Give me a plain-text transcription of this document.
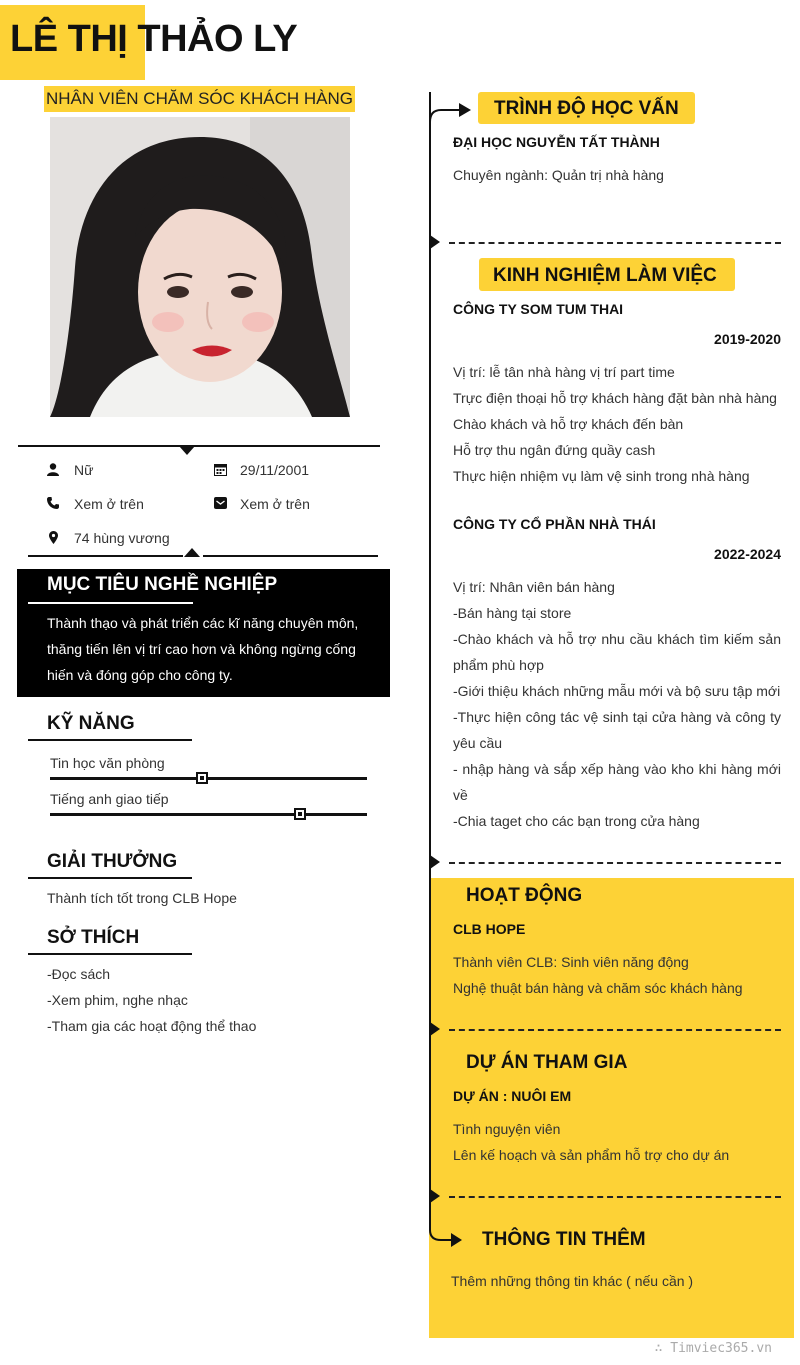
LÊ THỊ THẢO LY
NHÂN VIÊN CHĂM SÓC KHÁCH HÀNG
Nữ	29/11/2001
Xem ở trên	Xem ở trên
74 hùng vương
MỤC TIÊU NGHỀ NGHIỆP
Thành thạo và phát triển các kĩ năng chuyên môn, thăng tiến lên vị trí cao hơn và không ngừng cống hiến và đóng góp cho công ty.
KỸ NĂNG
Tin học văn phòng
Tiếng anh giao tiếp
GIẢI THƯỞNG
Thành tích tốt trong CLB Hope
SỞ THÍCH
-Đọc sách
-Xem phim, nghe nhạc
-Tham gia các hoạt động thể thao
TRÌNH ĐỘ HỌC VẤN
ĐẠI HỌC NGUYỄN TẤT THÀNH
Chuyên ngành: Quản trị nhà hàng
KINH NGHIỆM LÀM VIỆC
CÔNG TY SOM TUM THAI
2019-2020
Vị trí: lễ tân nhà hàng vị trí part time
Trực điện thoại hỗ trợ khách hàng đặt bàn nhà hàng
Chào khách và hỗ trợ khách đến bàn
Hỗ trợ thu ngân đứng quầy cash
Thực hiện nhiệm vụ làm vệ sinh trong nhà hàng
CÔNG TY CỔ PHẦN NHÀ THÁI
2022-2024
Vị trí: Nhân viên bán hàng
-Bán hàng tại store
-Chào khách và hỗ trợ nhu cầu khách tìm kiếm sản phẩm phù hợp
-Giới thiệu khách những mẫu mới và bộ sưu tập mới
-Thực hiện công tác vệ sinh tại cửa hàng và công ty yêu cầu
- nhập hàng và sắp xếp hàng vào kho khi hàng mới về
-Chia taget cho các bạn trong cửa hàng
HOẠT ĐỘNG
CLB HOPE
Thành viên CLB: Sinh viên năng động
Nghệ thuật bán hàng và chăm sóc khách hàng
DỰ ÁN THAM GIA
DỰ ÁN : NUÔI EM
Tình nguyện viên
Lên kế hoạch và sản phẩm hỗ trợ cho dự án
THÔNG TIN THÊM
Thêm những thông tin khác ( nếu cần )
∴ Timviec365.vn
